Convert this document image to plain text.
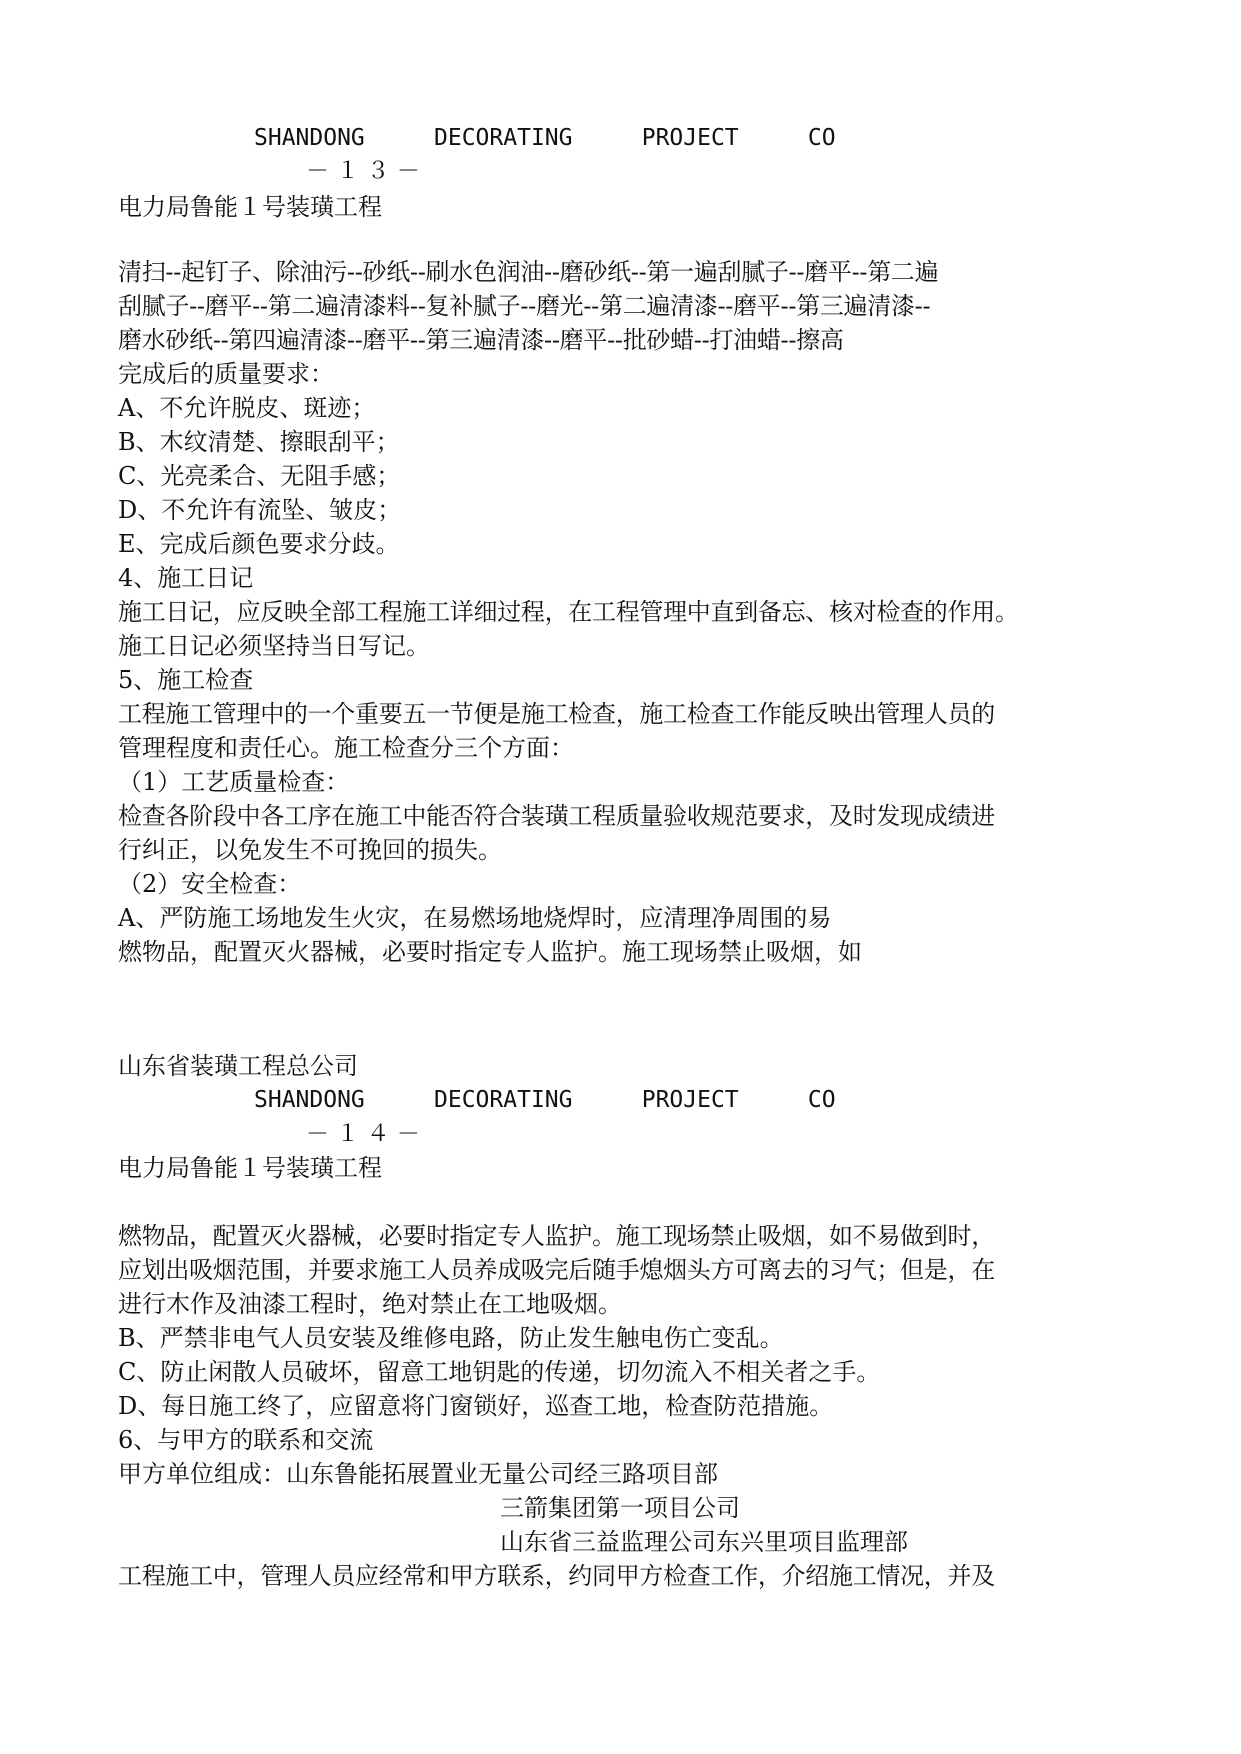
SHANDONG     DECORATING     PROJECT     CO
－ １ ３ －
电力局鲁能１号装璜工程
清扫--起钉子、除油污--砂纸--刷水色润油--磨砂纸--第一遍刮腻子--磨平--第二遍
刮腻子--磨平--第二遍清漆料--复补腻子--磨光--第二遍清漆--磨平--第三遍清漆--
磨水砂纸--第四遍清漆--磨平--第三遍清漆--磨平--批砂蜡--打油蜡--擦高
完成后的质量要求：
A、不允许脱皮、斑迹；
B、木纹清楚、擦眼刮平；
C、光亮柔合、无阻手感；
D、不允许有流坠、皱皮；
E、完成后颜色要求分歧。
4、施工日记
施工日记，应反映全部工程施工详细过程，在工程管理中直到备忘、核对检查的作用。
施工日记必须坚持当日写记。
5、施工检查
工程施工管理中的一个重要五一节便是施工检查，施工检查工作能反映出管理人员的
管理程度和责任心。施工检查分三个方面：
（1）工艺质量检查：
检查各阶段中各工序在施工中能否符合装璜工程质量验收规范要求，及时发现成绩进
行纠正，以免发生不可挽回的损失。
（2）安全检查：
A、严防施工场地发生火灾，在易燃场地烧焊时，应清理净周围的易
燃物品，配置灭火器械，必要时指定专人监护。施工现场禁止吸烟，如
山东省装璜工程总公司
SHANDONG     DECORATING     PROJECT     CO
－ １ ４ －
电力局鲁能１号装璜工程
燃物品，配置灭火器械，必要时指定专人监护。施工现场禁止吸烟，如不易做到时，
应划出吸烟范围，并要求施工人员养成吸完后随手熄烟头方可离去的习气；但是，在
进行木作及油漆工程时，绝对禁止在工地吸烟。
B、严禁非电气人员安装及维修电路，防止发生触电伤亡变乱。
C、防止闲散人员破坏，留意工地钥匙的传递，切勿流入不相关者之手。
D、每日施工终了，应留意将门窗锁好，巡查工地，检查防范措施。
6、与甲方的联系和交流
甲方单位组成：山东鲁能拓展置业无量公司经三路项目部
三箭集团第一项目公司
山东省三益监理公司东兴里项目监理部
工程施工中，管理人员应经常和甲方联系，约同甲方检查工作，介绍施工情况，并及
